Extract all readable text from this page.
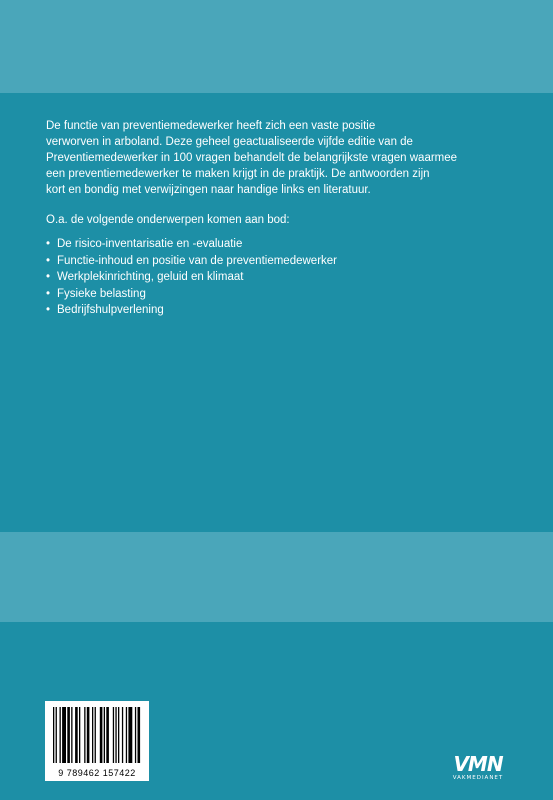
De functie van preventiemedewerker heeft zich een vaste positie
verworven in arboland. Deze geheel geactualiseerde vijfde editie van de
Preventiemedewerker in 100 vragen behandelt de belangrijkste vragen waarmee
een preventiemedewerker te maken krijgt in de praktijk. De antwoorden zijn
kort en bondig met verwijzingen naar handige links en literatuur.

O.a. de volgende onderwerpen komen aan bod:

• De risico-inventarisatie en -evaluatie
• Functie-inhoud en positie van de preventiemedewerker
• Werkplekinrichting, geluid en klimaat
• Fysieke belasting
• Bedrijfshulpverlening
9 789462 157422	VMN
VAKMEDIANET
